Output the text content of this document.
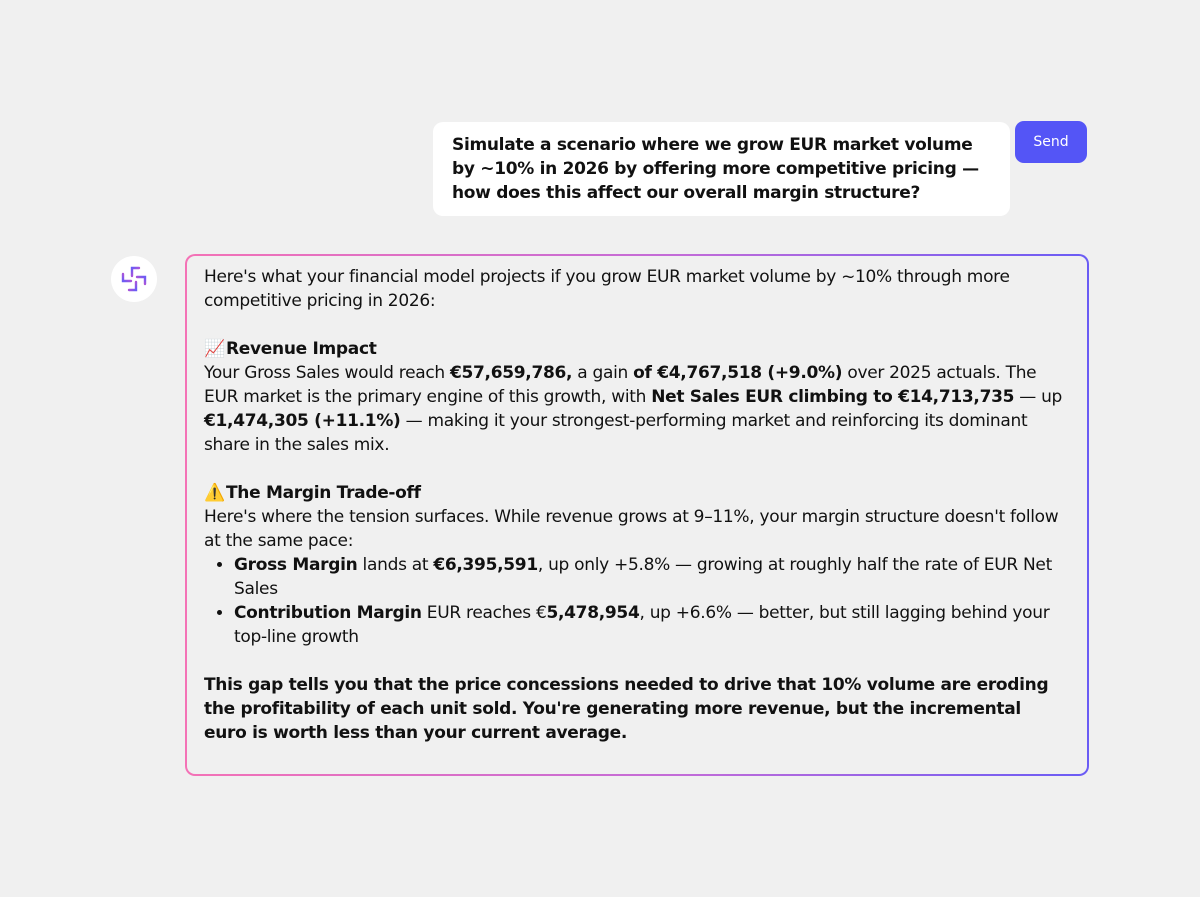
Simulate a scenario where we grow EUR market volume by ~10% in 2026 by offering more competitive pricing — how does this affect our overall margin structure?
Send

Here's what your financial model projects if you grow EUR market volume by ~10% through more competitive pricing in 2026:

📈Revenue Impact

Your Gross Sales would reach €57,659,786, a gain of €4,767,518 (+9.0%) over 2025 actuals. The EUR market is the primary engine of this growth, with Net Sales EUR climbing to €14,713,735 — up €1,474,305 (+11.1%) — making it your strongest-performing market and reinforcing its dominant share in the sales mix.

⚠️The Margin Trade-off

Here's where the tension surfaces. While revenue grows at 9–11%, your margin structure doesn't follow at the same pace:

• Gross Margin lands at €6,395,591, up only +5.8% — growing at roughly half the rate of EUR Net Sales
• Contribution Margin EUR reaches €5,478,954, up +6.6% — better, but still lagging behind your top-line growth

This gap tells you that the price concessions needed to drive that 10% volume are eroding the profitability of each unit sold. You're generating more revenue, but the incremental euro is worth less than your current average.
